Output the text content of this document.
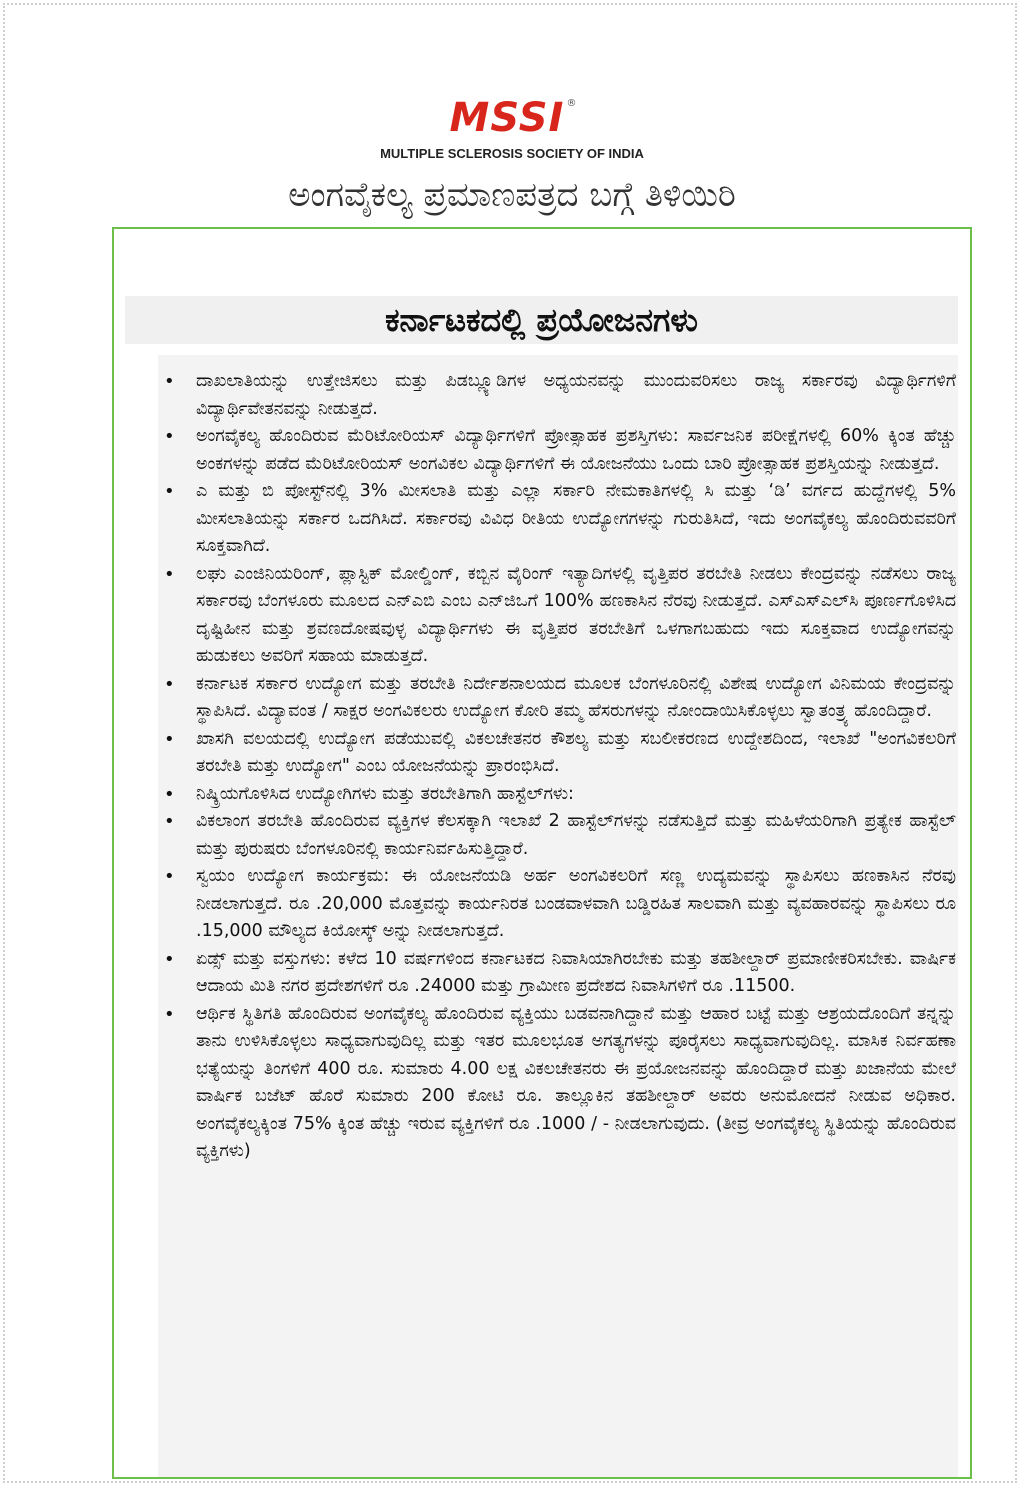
MSSI ®
MULTIPLE SCLEROSIS SOCIETY OF INDIA
ಅಂಗವೈಕಲ್ಯ ಪ್ರಮಾಣಪತ್ರದ ಬಗ್ಗೆ ತಿಳಿಯಿರಿ
ಕರ್ನಾಟಕದಲ್ಲಿ ಪ್ರಯೋಜನಗಳು
• ದಾಖಲಾತಿಯನ್ನು ಉತ್ತೇಜಿಸಲು ಮತ್ತು ಪಿಡಬ್ಲ್ಯೂಡಿಗಳ ಅಧ್ಯಯನವನ್ನು ಮುಂದುವರಿಸಲು ರಾಜ್ಯ ಸರ್ಕಾರವು ವಿದ್ಯಾರ್ಥಿಗಳಿಗೆ ವಿದ್ಯಾರ್ಥಿವೇತನವನ್ನು ನೀಡುತ್ತದೆ.
• ಅಂಗವೈಕಲ್ಯ ಹೊಂದಿರುವ ಮೆರಿಟೋರಿಯಸ್ ವಿದ್ಯಾರ್ಥಿಗಳಿಗೆ ಪ್ರೋತ್ಸಾಹಕ ಪ್ರಶಸ್ತಿಗಳು: ಸಾರ್ವಜನಿಕ ಪರೀಕ್ಷೆಗಳಲ್ಲಿ 60% ಕ್ಕಿಂತ ಹೆಚ್ಚು ಅಂಕಗಳನ್ನು ಪಡೆದ ಮೆರಿಟೋರಿಯಸ್ ಅಂಗವಿಕಲ ವಿದ್ಯಾರ್ಥಿಗಳಿಗೆ ಈ ಯೋಜನೆಯು ಒಂದು ಬಾರಿ ಪ್ರೋತ್ಸಾಹಕ ಪ್ರಶಸ್ತಿಯನ್ನು ನೀಡುತ್ತದೆ.
• ಎ ಮತ್ತು ಬಿ ಪೋಸ್ಟ್‌ನಲ್ಲಿ 3% ಮೀಸಲಾತಿ ಮತ್ತು ಎಲ್ಲಾ ಸರ್ಕಾರಿ ನೇಮಕಾತಿಗಳಲ್ಲಿ ಸಿ ಮತ್ತು ‘ಡಿ’ ವರ್ಗದ ಹುದ್ದೆಗಳಲ್ಲಿ 5% ಮೀಸಲಾತಿಯನ್ನು ಸರ್ಕಾರ ಒದಗಿಸಿದೆ. ಸರ್ಕಾರವು ವಿವಿಧ ರೀತಿಯ ಉದ್ಯೋಗಗಳನ್ನು ಗುರುತಿಸಿದೆ, ಇದು ಅಂಗವೈಕಲ್ಯ ಹೊಂದಿರುವವರಿಗೆ ಸೂಕ್ತವಾಗಿದೆ.
• ಲಘು ಎಂಜಿನಿಯರಿಂಗ್, ಪ್ಲಾಸ್ಟಿಕ್ ಮೋಲ್ಡಿಂಗ್, ಕಬ್ಬಿನ ವೈರಿಂಗ್ ಇತ್ಯಾದಿಗಳಲ್ಲಿ ವೃತ್ತಿಪರ ತರಬೇತಿ ನೀಡಲು ಕೇಂದ್ರವನ್ನು ನಡೆಸಲು ರಾಜ್ಯ ಸರ್ಕಾರವು ಬೆಂಗಳೂರು ಮೂಲದ ಎನ್‌ಎಬಿ ಎಂಬ ಎನ್‌ಜಿಒಗೆ 100% ಹಣಕಾಸಿನ ನೆರವು ನೀಡುತ್ತದೆ. ಎಸ್‌ಎಸ್‌ಎಲ್‌ಸಿ ಪೂರ್ಣಗೊಳಿಸಿದ ದೃಷ್ಟಿಹೀನ ಮತ್ತು ಶ್ರವಣದೋಷವುಳ್ಳ ವಿದ್ಯಾರ್ಥಿಗಳು ಈ ವೃತ್ತಿಪರ ತರಬೇತಿಗೆ ಒಳಗಾಗಬಹುದು ಇದು ಸೂಕ್ತವಾದ ಉದ್ಯೋಗವನ್ನು ಹುಡುಕಲು ಅವರಿಗೆ ಸಹಾಯ ಮಾಡುತ್ತದೆ.
• ಕರ್ನಾಟಕ ಸರ್ಕಾರ ಉದ್ಯೋಗ ಮತ್ತು ತರಬೇತಿ ನಿರ್ದೇಶನಾಲಯದ ಮೂಲಕ ಬೆಂಗಳೂರಿನಲ್ಲಿ ವಿಶೇಷ ಉದ್ಯೋಗ ವಿನಿಮಯ ಕೇಂದ್ರವನ್ನು ಸ್ಥಾಪಿಸಿದೆ. ವಿದ್ಯಾವಂತ / ಸಾಕ್ಷರ ಅಂಗವಿಕಲರು ಉದ್ಯೋಗ ಕೋರಿ ತಮ್ಮ ಹೆಸರುಗಳನ್ನು ನೋಂದಾಯಿಸಿಕೊಳ್ಳಲು ಸ್ವಾತಂತ್ರ್ಯ ಹೊಂದಿದ್ದಾರೆ.
• ಖಾಸಗಿ ವಲಯದಲ್ಲಿ ಉದ್ಯೋಗ ಪಡೆಯುವಲ್ಲಿ ವಿಕಲಚೇತನರ ಕೌಶಲ್ಯ ಮತ್ತು ಸಬಲೀಕರಣದ ಉದ್ದೇಶದಿಂದ, ಇಲಾಖೆ "ಅಂಗವಿಕಲರಿಗೆ ತರಬೇತಿ ಮತ್ತು ಉದ್ಯೋಗ" ಎಂಬ ಯೋಜನೆಯನ್ನು ಪ್ರಾರಂಭಿಸಿದೆ.
• ನಿಷ್ಕ್ರಿಯಗೊಳಿಸಿದ ಉದ್ಯೋಗಿಗಳು ಮತ್ತು ತರಬೇತಿಗಾಗಿ ಹಾಸ್ಟೆಲ್‌ಗಳು:
• ವಿಕಲಾಂಗ ತರಬೇತಿ ಹೊಂದಿರುವ ವ್ಯಕ್ತಿಗಳ ಕೆಲಸಕ್ಕಾಗಿ ಇಲಾಖೆ 2 ಹಾಸ್ಟೆಲ್‌ಗಳನ್ನು ನಡೆಸುತ್ತಿದೆ ಮತ್ತು ಮಹಿಳೆಯರಿಗಾಗಿ ಪ್ರತ್ಯೇಕ ಹಾಸ್ಟೆಲ್ ಮತ್ತು ಪುರುಷರು ಬೆಂಗಳೂರಿನಲ್ಲಿ ಕಾರ್ಯನಿರ್ವಹಿಸುತ್ತಿದ್ದಾರೆ.
• ಸ್ವಯಂ ಉದ್ಯೋಗ ಕಾರ್ಯಕ್ರಮ: ಈ ಯೋಜನೆಯಡಿ ಅರ್ಹ ಅಂಗವಿಕಲರಿಗೆ ಸಣ್ಣ ಉದ್ಯಮವನ್ನು ಸ್ಥಾಪಿಸಲು ಹಣಕಾಸಿನ ನೆರವು ನೀಡಲಾಗುತ್ತದೆ. ರೂ .20,000 ಮೊತ್ತವನ್ನು ಕಾರ್ಯನಿರತ ಬಂಡವಾಳವಾಗಿ ಬಡ್ಡಿರಹಿತ ಸಾಲವಾಗಿ ಮತ್ತು ವ್ಯವಹಾರವನ್ನು ಸ್ಥಾಪಿಸಲು ರೂ .15,000 ಮೌಲ್ಯದ ಕಿಯೋಸ್ಕ್ ಅನ್ನು ನೀಡಲಾಗುತ್ತದೆ.
• ಏಡ್ಸ್ ಮತ್ತು ವಸ್ತುಗಳು: ಕಳೆದ 10 ವರ್ಷಗಳಿಂದ ಕರ್ನಾಟಕದ ನಿವಾಸಿಯಾಗಿರಬೇಕು ಮತ್ತು ತಹಶೀಲ್ದಾರ್ ಪ್ರಮಾಣೀಕರಿಸಬೇಕು. ವಾರ್ಷಿಕ ಆದಾಯ ಮಿತಿ ನಗರ ಪ್ರದೇಶಗಳಿಗೆ ರೂ .24000 ಮತ್ತು ಗ್ರಾಮೀಣ ಪ್ರದೇಶದ ನಿವಾಸಿಗಳಿಗೆ ರೂ .11500.
• ಆರ್ಥಿಕ ಸ್ಥಿತಿಗತಿ ಹೊಂದಿರುವ ಅಂಗವೈಕಲ್ಯ ಹೊಂದಿರುವ ವ್ಯಕ್ತಿಯು ಬಡವನಾಗಿದ್ದಾನೆ ಮತ್ತು ಆಹಾರ ಬಟ್ಟೆ ಮತ್ತು ಆಶ್ರಯದೊಂದಿಗೆ ತನ್ನನ್ನು ತಾನು ಉಳಿಸಿಕೊಳ್ಳಲು ಸಾಧ್ಯವಾಗುವುದಿಲ್ಲ ಮತ್ತು ಇತರ ಮೂಲಭೂತ ಅಗತ್ಯಗಳನ್ನು ಪೂರೈಸಲು ಸಾಧ್ಯವಾಗುವುದಿಲ್ಲ. ಮಾಸಿಕ ನಿರ್ವಹಣಾ ಭತ್ಯೆಯನ್ನು ತಿಂಗಳಿಗೆ 400 ರೂ. ಸುಮಾರು 4.00 ಲಕ್ಷ ವಿಕಲಚೇತನರು ಈ ಪ್ರಯೋಜನವನ್ನು ಹೊಂದಿದ್ದಾರೆ ಮತ್ತು ಖಜಾನೆಯ ಮೇಲೆ ವಾರ್ಷಿಕ ಬಜೆಟ್ ಹೊರೆ ಸುಮಾರು 200 ಕೋಟಿ ರೂ. ತಾಲ್ಲೂಕಿನ ತಹಶೀಲ್ದಾರ್ ಅವರು ಅನುಮೋದನೆ ನೀಡುವ ಅಧಿಕಾರ. ಅಂಗವೈಕಲ್ಯಕ್ಕಿಂತ 75% ಕ್ಕಿಂತ ಹೆಚ್ಚು ಇರುವ ವ್ಯಕ್ತಿಗಳಿಗೆ ರೂ .1000 / - ನೀಡಲಾಗುವುದು. (ತೀವ್ರ ಅಂಗವೈಕಲ್ಯ ಸ್ಥಿತಿಯನ್ನು ಹೊಂದಿರುವ ವ್ಯಕ್ತಿಗಳು)
